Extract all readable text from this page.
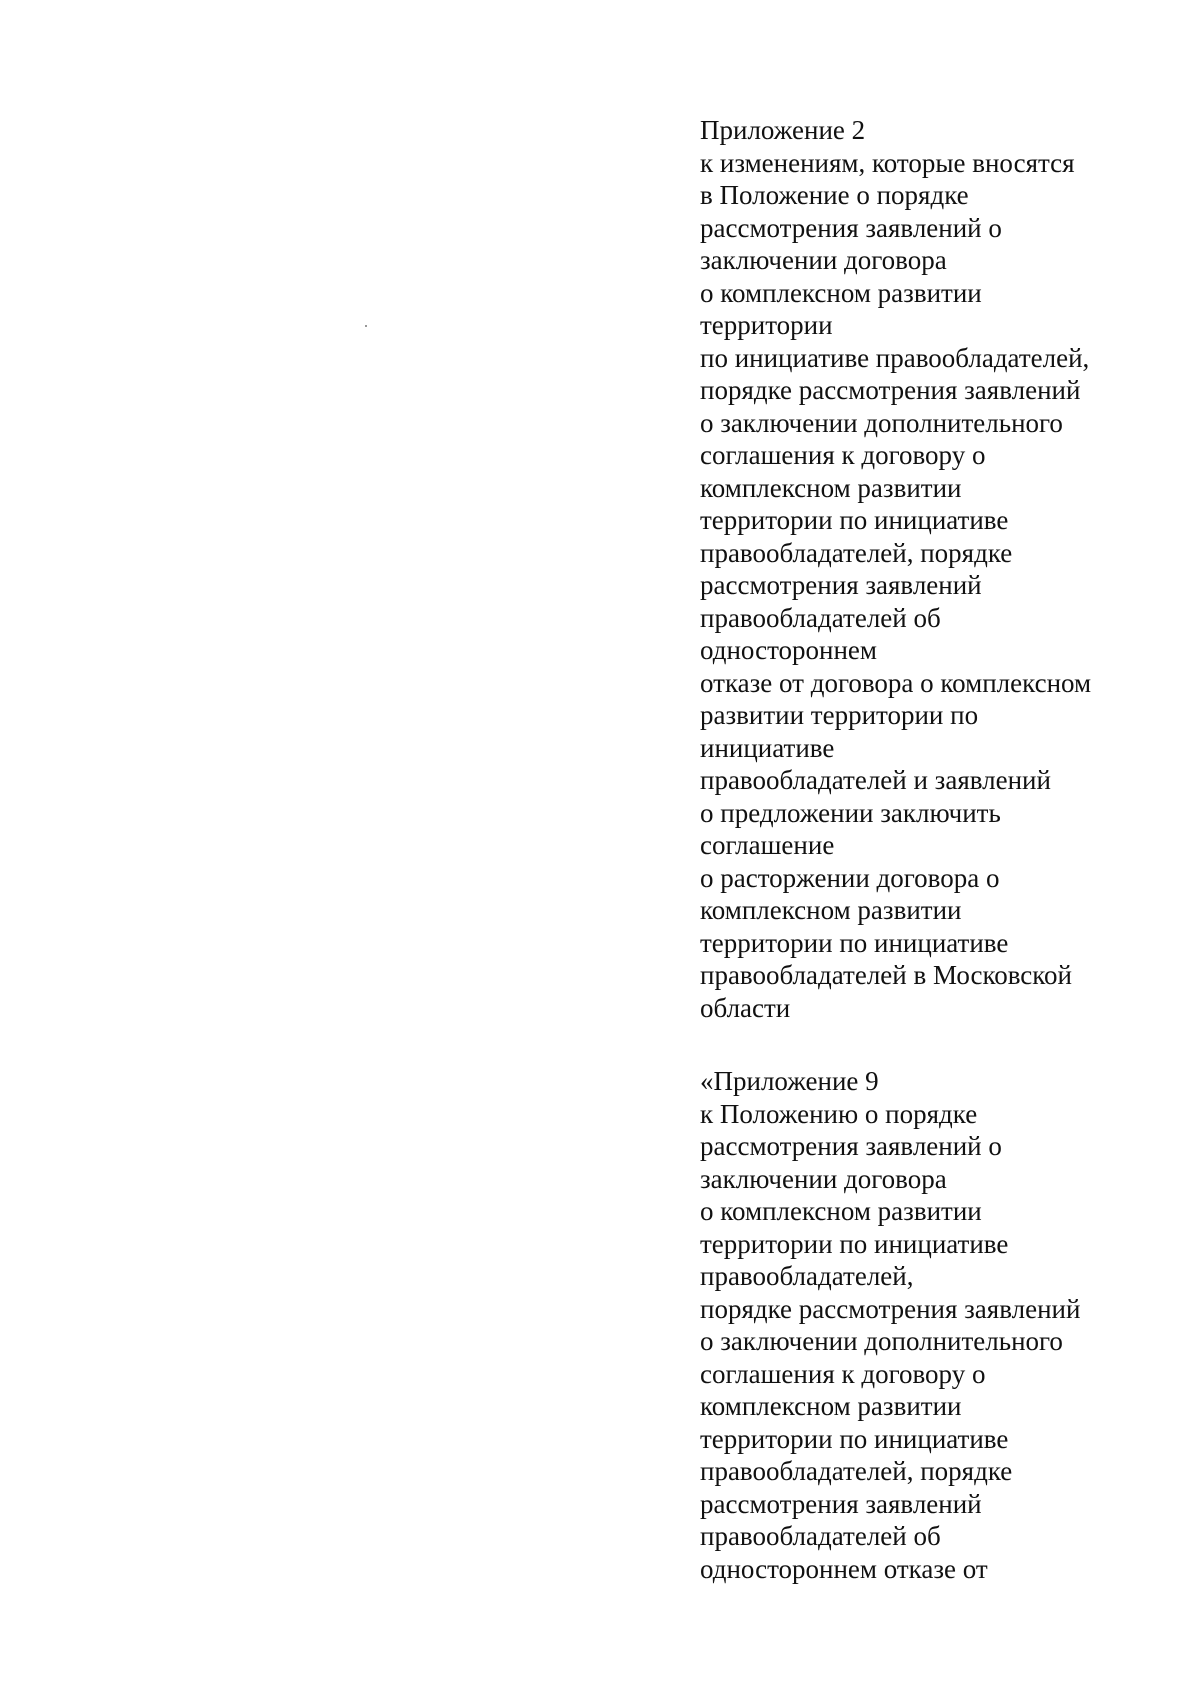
Приложение 2
к изменениям, которые вносятся
в Положение о порядке
рассмотрения заявлений о
заключении договора
о комплексном развитии
территории
по инициативе правообладателей,
порядке рассмотрения заявлений
о заключении дополнительного
соглашения к договору о
комплексном развитии
территории по инициативе
правообладателей, порядке
рассмотрения заявлений
правообладателей об
одностороннем
отказе от договора о комплексном
развитии территории по
инициативе
правообладателей и заявлений
о предложении заключить
соглашение
о расторжении договора о
комплексном развитии
территории по инициативе
правообладателей в Московской
области
«Приложение 9
к Положению о порядке
рассмотрения заявлений о
заключении договора
о комплексном развитии
территории по инициативе
правообладателей,
порядке рассмотрения заявлений
о заключении дополнительного
соглашения к договору о
комплексном развитии
территории по инициативе
правообладателей, порядке
рассмотрения заявлений
правообладателей об
одностороннем отказе от
